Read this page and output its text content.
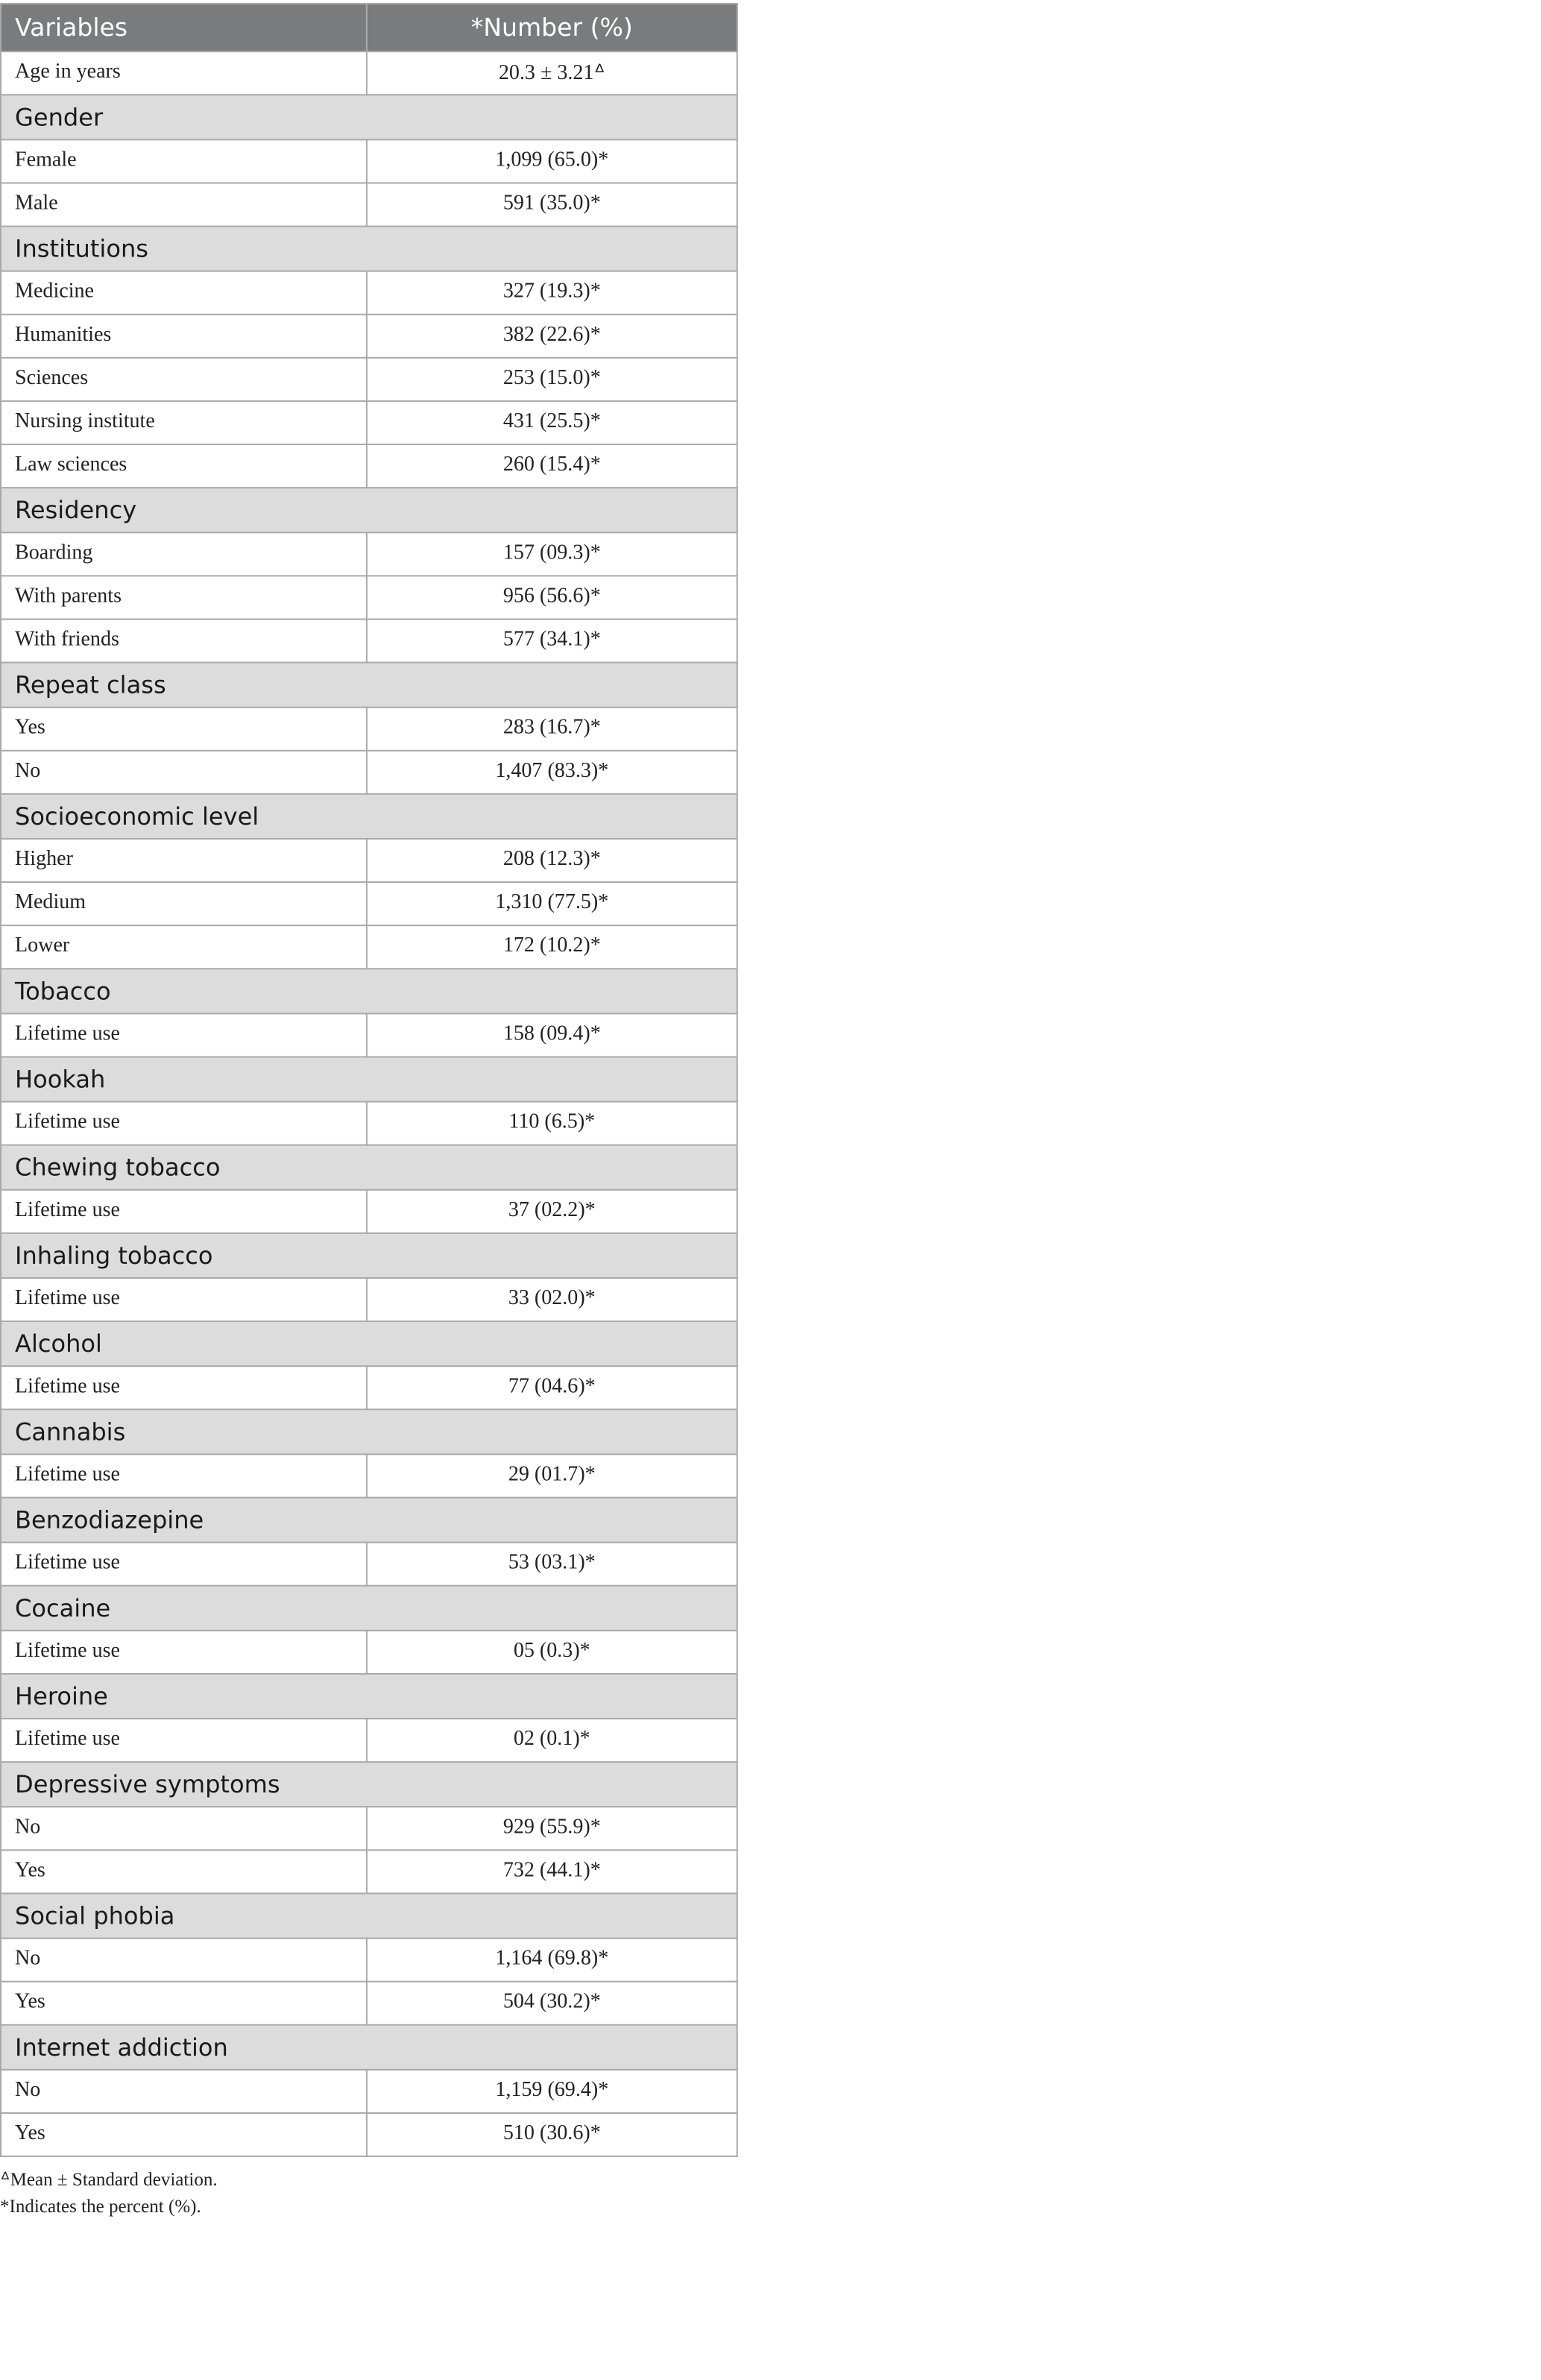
Variables	*Number (%)
Age in years	20.3 ± 3.21ᐞ
Gender	
Female	1,099 (65.0)*
Male	591 (35.0)*
Institutions	
Medicine	327 (19.3)*
Humanities	382 (22.6)*
Sciences	253 (15.0)*
Nursing institute	431 (25.5)*
Law sciences	260 (15.4)*
Residency	
Boarding	157 (09.3)*
With parents	956 (56.6)*
With friends	577 (34.1)*
Repeat class	
Yes	283 (16.7)*
No	1,407 (83.3)*
Socioeconomic level	
Higher	208 (12.3)*
Medium	1,310 (77.5)*
Lower	172 (10.2)*
Tobacco	
Lifetime use	158 (09.4)*
Hookah	
Lifetime use	110 (6.5)*
Chewing tobacco	
Lifetime use	37 (02.2)*
Inhaling tobacco	
Lifetime use	33 (02.0)*
Alcohol	
Lifetime use	77 (04.6)*
Cannabis	
Lifetime use	29 (01.7)*
Benzodiazepine	
Lifetime use	53 (03.1)*
Cocaine	
Lifetime use	05 (0.3)*
Heroine	
Lifetime use	02 (0.1)*
Depressive symptoms	
No	929 (55.9)*
Yes	732 (44.1)*
Social phobia	
No	1,164 (69.8)*
Yes	504 (30.2)*
Internet addiction	
No	1,159 (69.4)*
Yes	510 (30.6)*
ᐞMean ± Standard deviation.
*Indicates the percent (%).
